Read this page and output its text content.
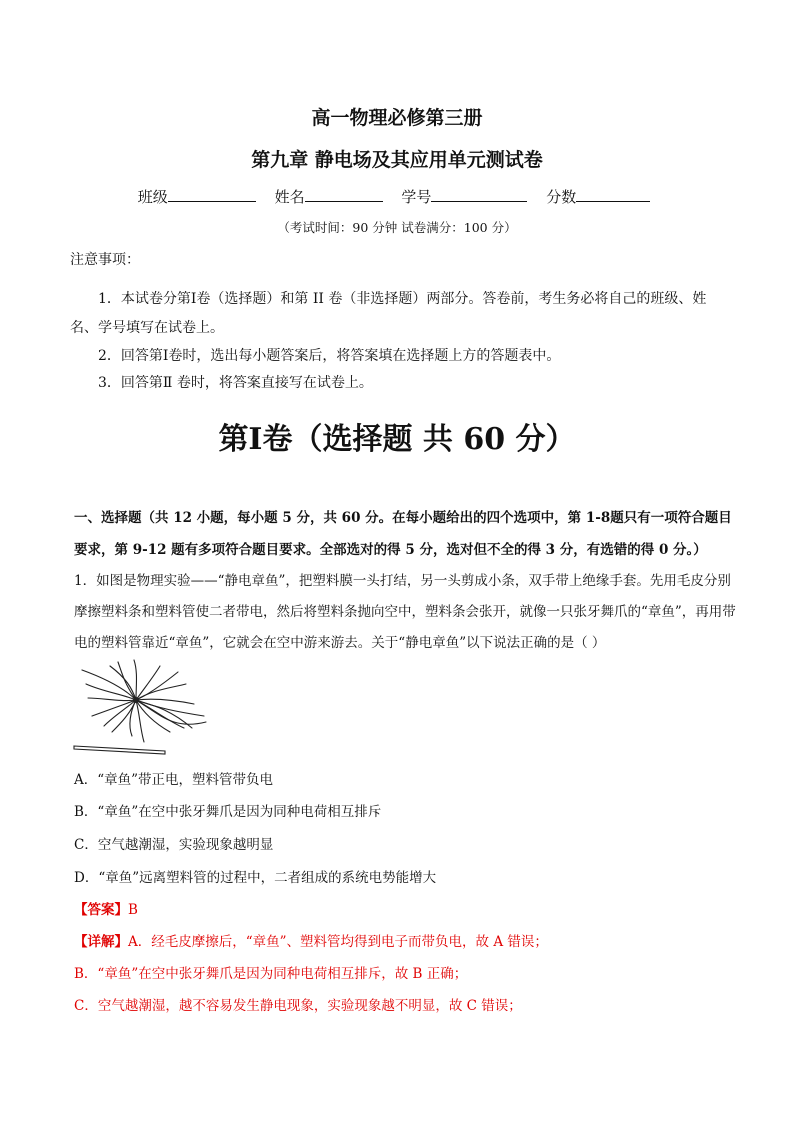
高一物理必修第三册
第九章 静电场及其应用单元测试卷
班级	姓名	学号	分数
（考试时间：90 分钟 试卷满分：100 分）
注意事项：
1．本试卷分第Ⅰ卷（选择题）和第 II 卷（非选择题）两部分。答卷前，考生务必将自己的班级、姓名、学号填写在试卷上。
2．回答第Ⅰ卷时，选出每小题答案后，将答案填在选择题上方的答题表中。
3．回答第Ⅱ 卷时，将答案直接写在试卷上。
第Ⅰ卷（选择题 共 60 分）
一、选择题（共 12 小题，每小题 5 分，共 60 分。在每小题给出的四个选项中，第 1-8题只有一项符合题目要求，第 9-12 题有多项符合题目要求。全部选对的得 5 分，选对但不全的得 3 分，有选错的得 0 分。）
1．如图是物理实验——“静电章鱼”，把塑料膜一头打结，另一头剪成小条，双手带上绝缘手套。先用毛皮分别摩擦塑料条和塑料管使二者带电，然后将塑料条抛向空中，塑料条会张开，就像一只张牙舞爪的“章鱼”，再用带电的塑料管靠近“章鱼”，它就会在空中游来游去。关于“静电章鱼”以下说法正确的是（ ）
A．“章鱼”带正电，塑料管带负电
B．“章鱼”在空中张牙舞爪是因为同种电荷相互排斥
C．空气越潮湿，实验现象越明显
D．“章鱼”远离塑料管的过程中，二者组成的系统电势能增大
【答案】B
【详解】A．经毛皮摩擦后，“章鱼”、塑料管均得到电子而带负电，故 A 错误；
B．“章鱼”在空中张牙舞爪是因为同种电荷相互排斥，故 B 正确；
C．空气越潮湿，越不容易发生静电现象，实验现象越不明显，故 C 错误；
